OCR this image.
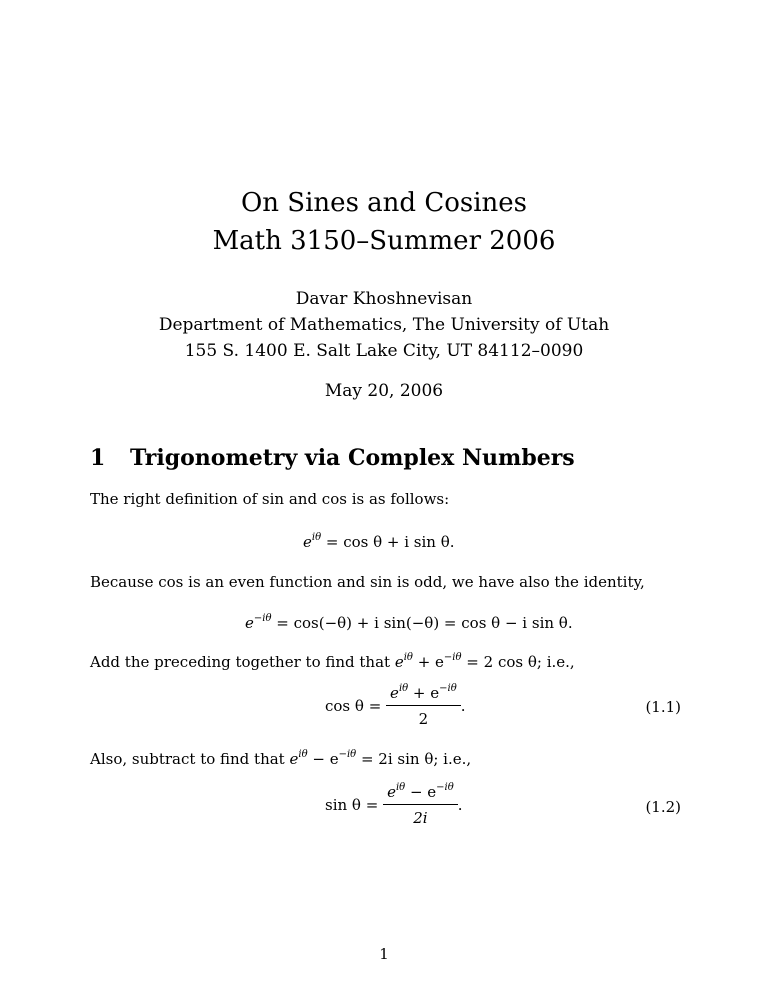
On Sines and Cosines
Math 3150–Summer 2006
Davar Khoshnevisan
Department of Mathematics, The University of Utah
155 S. 1400 E. Salt Lake City, UT 84112–0090
May 20, 2006
1 Trigonometry via Complex Numbers
The right definition of sin and cos is as follows:
$e^{i\theta} = \cos \theta + i$ sin θ.
Because cos is an even function and sin is odd, we have also the identity,
$e^{-i\theta} = \cos(-\theta) + i$ sin(−θ) = cos θ − i sin θ.
Add the preceding together to find that $e^{i\theta} + e^{-i\theta} = 2$ cos θ; i.e.,
$\cos \theta = \frac{e^{i\theta} + e^{-i\theta}}{2}$ .	(1.1)
Also, subtract to find that $e^{i\theta} - e^{-i\theta} = 2i$ sin θ; i.e.,
$\sin \theta = \frac{e^{i\theta} - e^{-i\theta}}{2i}$ .	(1.2)
1
